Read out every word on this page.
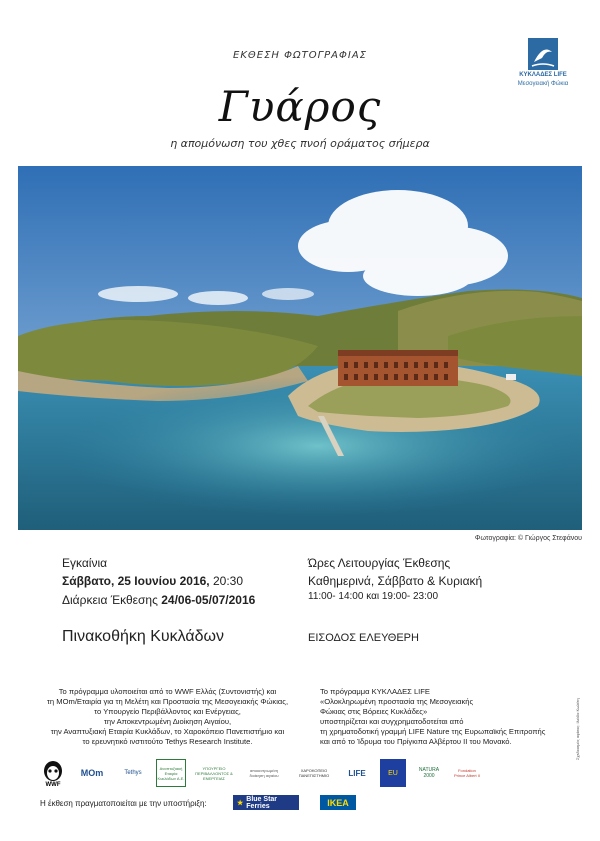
ΕΚΘΕΣΗ ΦΩΤΟΓΡΑΦΙΑΣ
Γυάρος
η απομόνωση του χθες πνοή οράματος σήμερα
ΚΥΚΛΑΔΕΣ LIFE
Μεσογειακή Φώκια
Φωτογραφία: © Γιώργος Στεφάνου
Εγκαίνια
Σάββατο, 25 Ιουνίου 2016, 20:30
Διάρκεια Έκθεσης 24/06-05/07/2016
Ώρες Λειτουργίας Έκθεσης
Καθημερινά, Σάββατο & Κυριακή
11:00- 14:00 και 19:00- 23:00
Πινακοθήκη Κυκλάδων	ΕΙΣΟΔΟΣ ΕΛΕΥΘΕΡΗ
Το πρόγραμμα υλοποιείται από το WWF Ελλάς (Συντονιστής) και
τη ΜΟm/Εταιρία για τη Μελέτη και Προστασία της Μεσογειακής Φώκιας,
το Υπουργείο Περιβάλλοντος και Ενέργειας,
την Αποκεντρωμένη Διοίκηση Αιγαίου,
την Αναπτυξιακή Εταιρία Κυκλάδων, το Χαροκόπειο Πανεπιστήμιο και
το ερευνητικό ινστιτούτο Tethys Research Institute.
Το πρόγραμμα ΚΥΚΛΑΔΕΣ LIFE
«Ολοκληρωμένη προστασία της Μεσογειακής
Φώκιας στις Βόρειες Κυκλάδες»
υποστηρίζεται και συγχρηματοδοτείται από
τη χρηματοδοτική γραμμή LIFE Nature της Ευρωπαϊκής Επιτροπής
και από το Ίδρυμα του Πρίγκιπα Αλβέρτου ΙΙ του Μονακό.	Σχεδιασμός αφίσας: Ιλιάδα Κωλέτη
WWF
ΜΟm	Tethys
Αναπτυξιακή Εταιρία Κυκλάδων Α.Ε.
ΥΠΟΥΡΓΕΙΟ ΠΕΡΙΒΑΛΛΟΝΤΟΣ & ΕΝΕΡΓΕΙΑΣ
αποκεντρωμένη διοίκηση αιγαίου
ΧΑΡΟΚΟΠΕΙΟ ΠΑΝΕΠΙΣΤΗΜΙΟ	LIFE	EU	NATURA 2000
Fondation Prince Albert II
Η έκθεση πραγματοποιείται με την υποστήριξη:	★
Blue Star Ferries	IKEA
